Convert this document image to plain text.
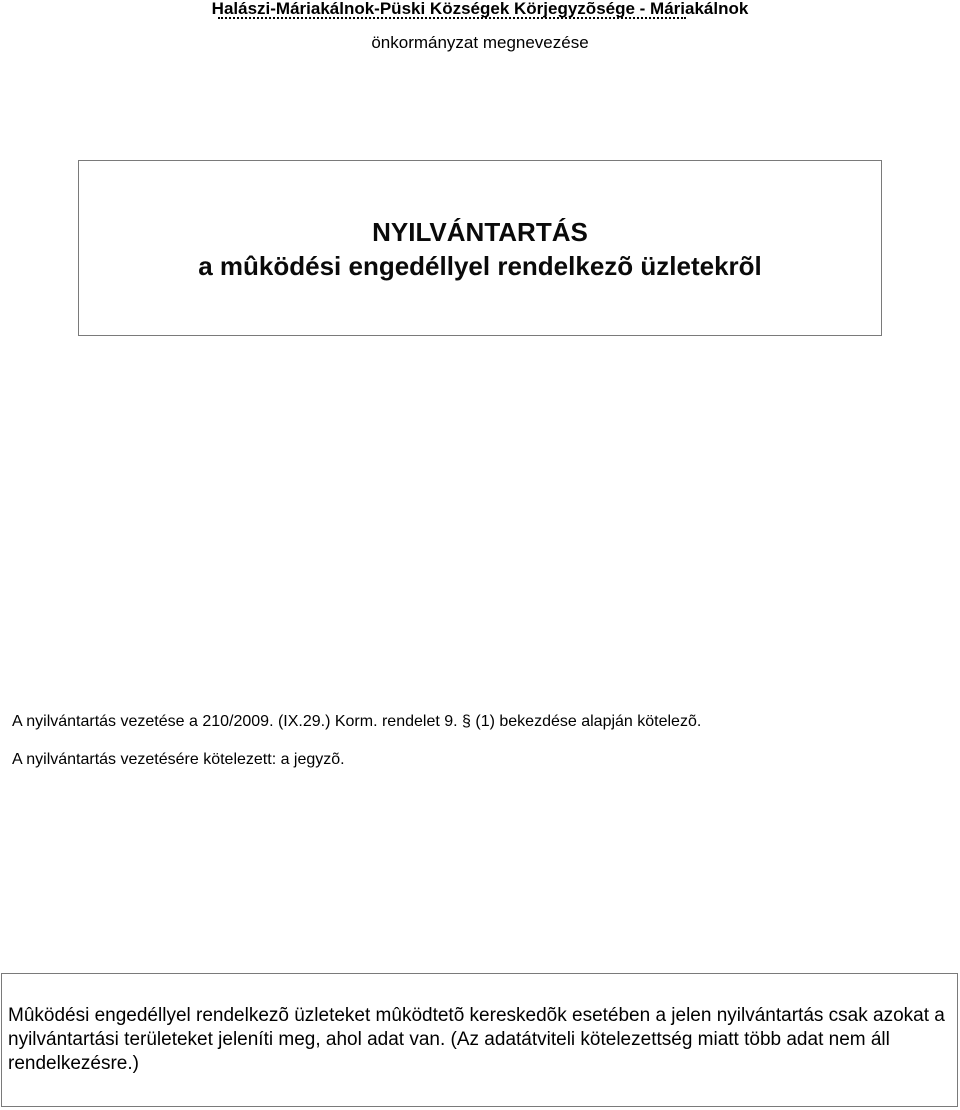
Halászi-Máriakálnok-Püski Községek Körjegyzõsége - Máriakálnok
önkormányzat megnevezése
NYILVÁNTARTÁS
a mûködési engedéllyel rendelkezõ üzletekrõl
A nyilvántartás vezetése a 210/2009. (IX.29.) Korm. rendelet 9. § (1) bekezdése alapján kötelezõ.
A nyilvántartás vezetésére kötelezett: a jegyzõ.
Mûködési engedéllyel rendelkezõ üzleteket mûködtetõ kereskedõk esetében a jelen nyilvántartás csak azokat a nyilvántartási területeket jeleníti meg, ahol adat van. (Az adatátviteli kötelezettség miatt több adat nem áll rendelkezésre.)
